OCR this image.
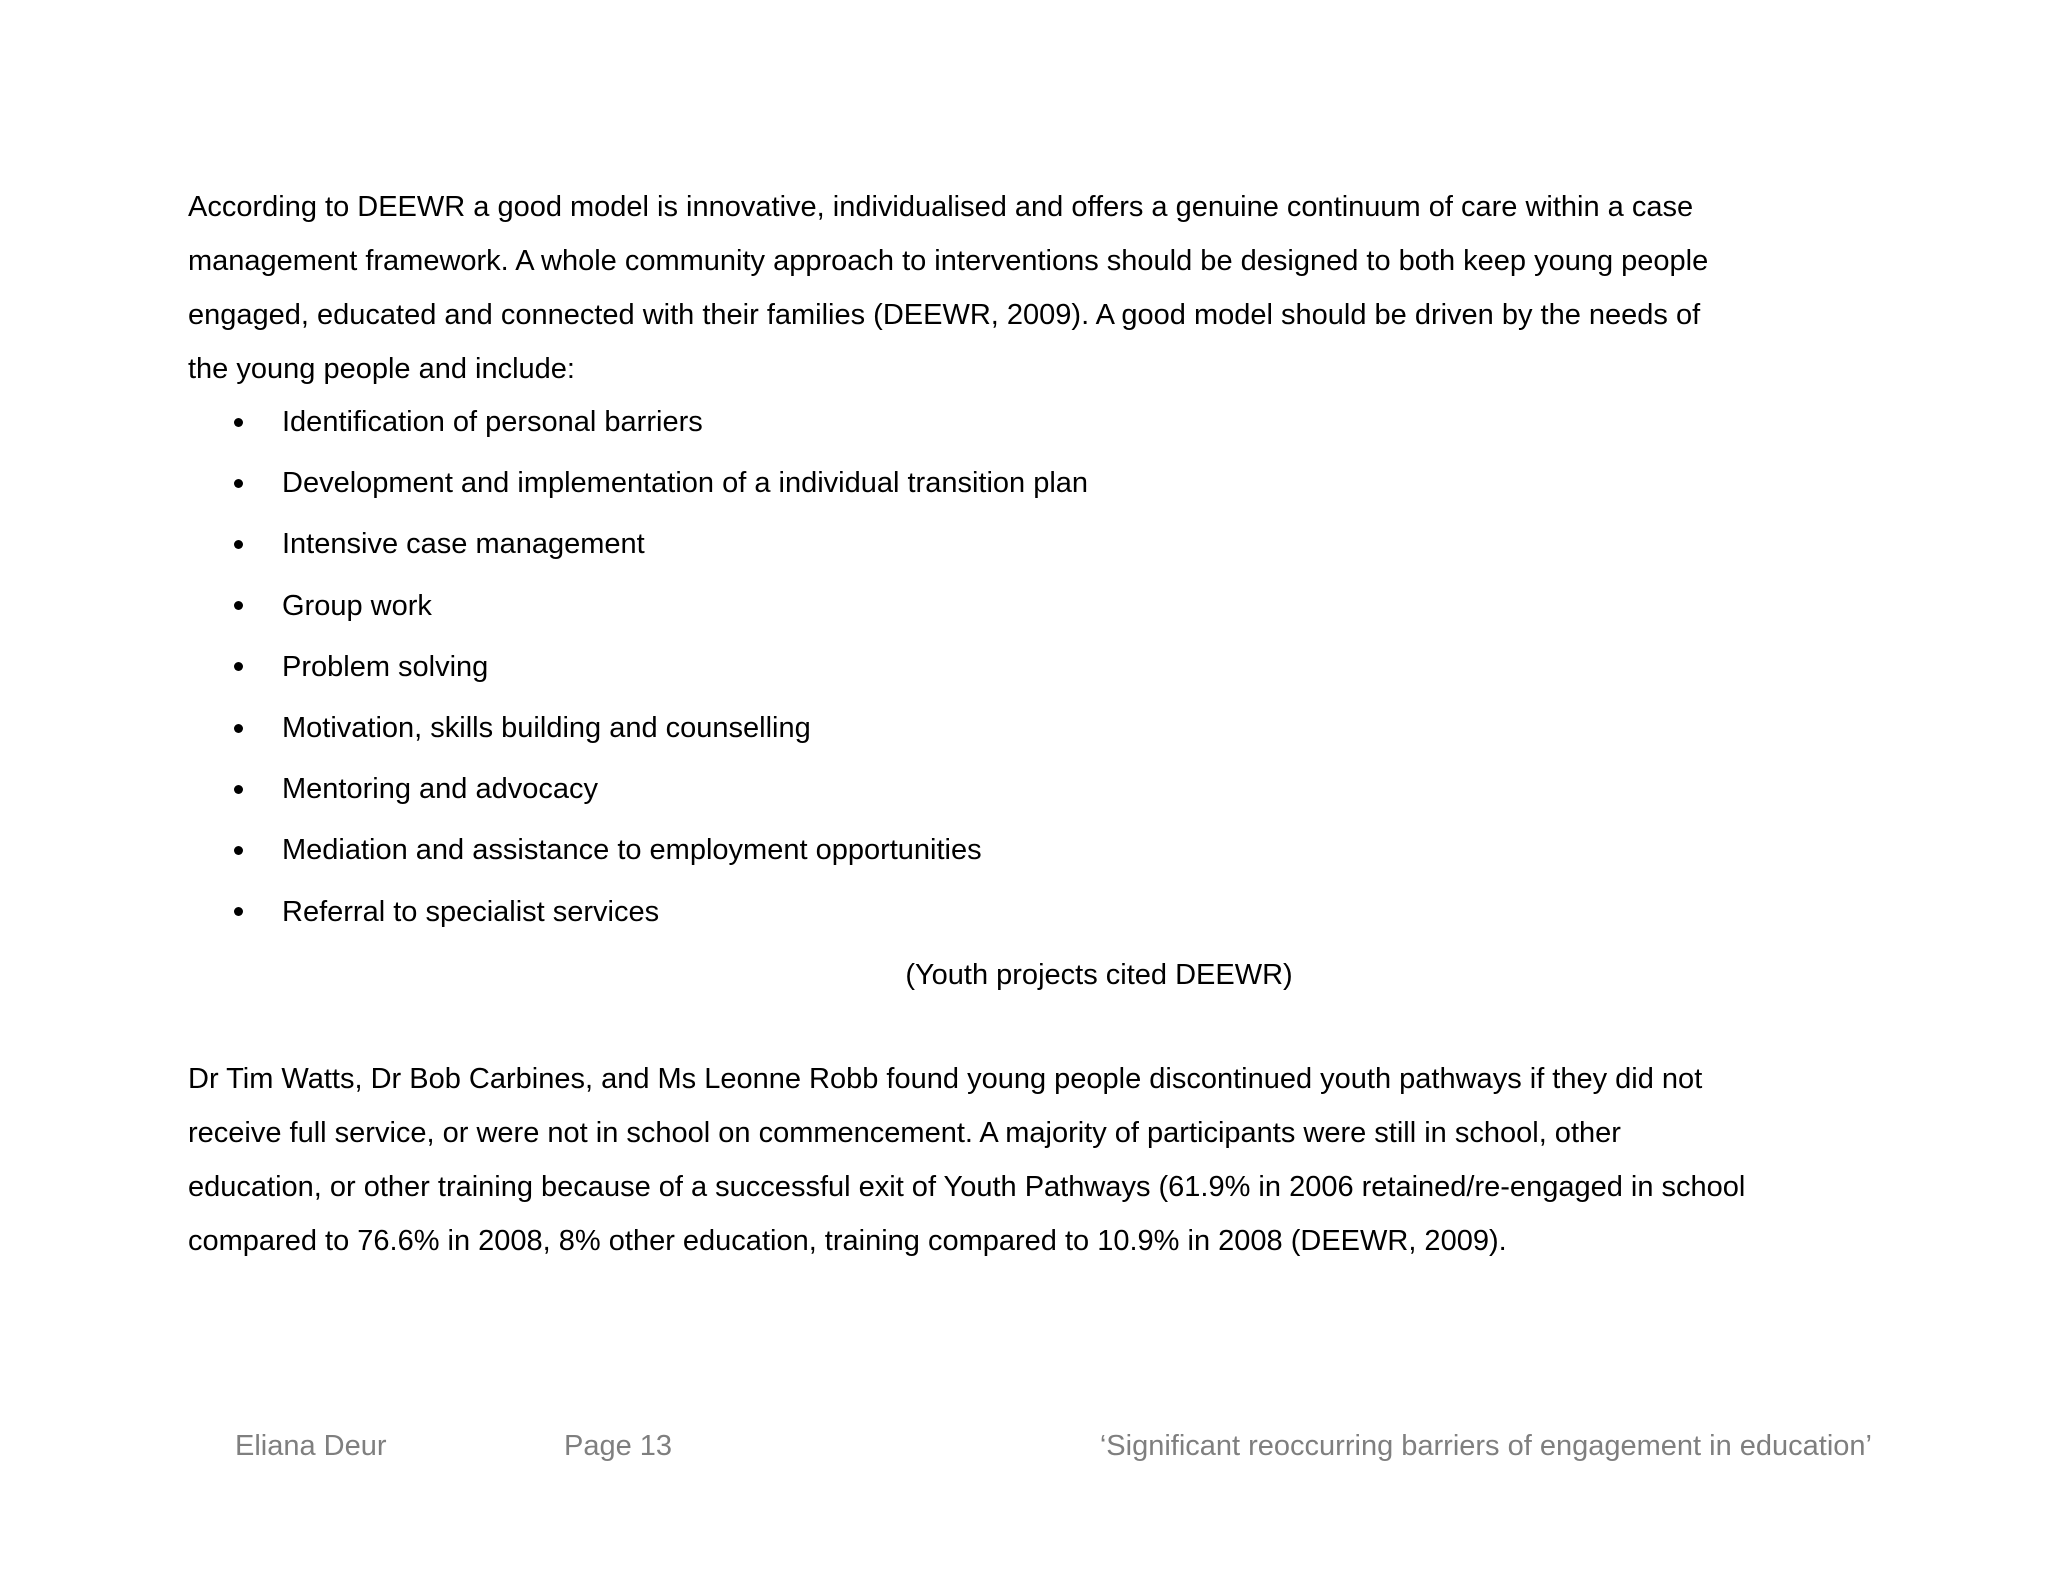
According to DEEWR a good model is innovative, individualised and offers a genuine continuum of care within a case
management framework. A whole community approach to interventions should be designed to both keep young people
engaged, educated and connected with their families (DEEWR, 2009). A good model should be driven by the needs of
the young people and include:
Identification of personal barriers
Development and implementation of a individual transition plan
Intensive case management
Group work
Problem solving
Motivation, skills building and counselling
Mentoring and advocacy
Mediation and assistance to employment opportunities
Referral to specialist services
(Youth projects cited DEEWR)
Dr Tim Watts, Dr Bob Carbines, and Ms Leonne Robb found young people discontinued youth pathways if they did not
receive full service, or were not in school on commencement. A majority of participants were still in school, other
education, or other training because of a successful exit of Youth Pathways (61.9% in 2006 retained/re-engaged in school
compared to 76.6% in 2008, 8% other education, training compared to 10.9% in 2008 (DEEWR, 2009).
Eliana Deur	Page 13	‘Significant reoccurring barriers of engagement in education’
